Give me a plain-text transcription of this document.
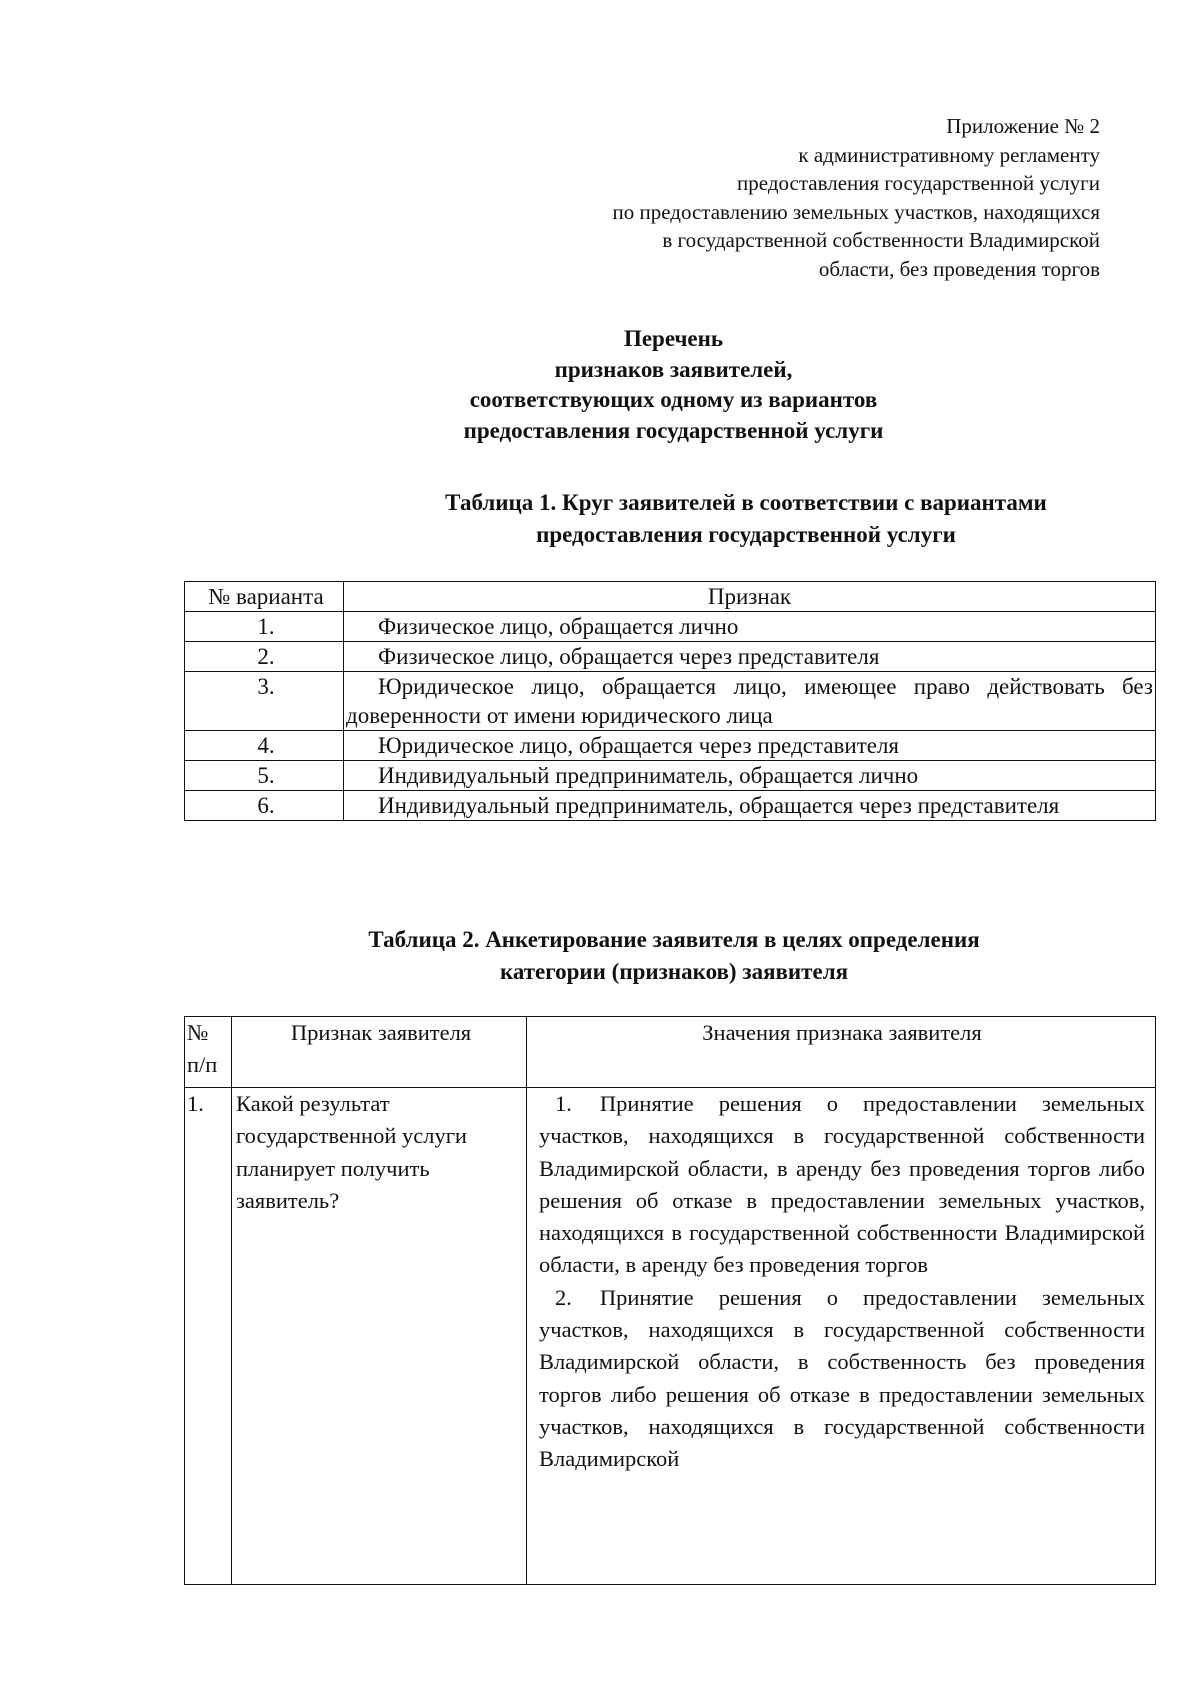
Приложение № 2
к административному регламенту
предоставления государственной услуги
по предоставлению земельных участков, находящихся
в государственной собственности Владимирской
области, без проведения торгов
Перечень
признаков заявителей,
соответствующих одному из вариантов
предоставления государственной услуги
Таблица 1. Круг заявителей в соответствии с вариантами
предоставления государственной услуги
№ варианта	Признак
1.	Физическое лицо, обращается лично
2.	Физическое лицо, обращается через представителя
3.	Юридическое лицо, обращается лицо, имеющее право действовать без доверенности от имени юридического лица
4.	Юридическое лицо, обращается через представителя
5.	Индивидуальный предприниматель, обращается лично
6.	Индивидуальный предприниматель, обращается через представителя
Таблица 2. Анкетирование заявителя в целях определения
категории (признаков) заявителя
№ п/п	Признак заявителя	Значения признака заявителя
1.	Какой результат государственной услуги планирует получить заявитель?	1. Принятие решения о предоставлении земельных участков, находящихся в государственной собственности Владимирской области, в аренду без проведения торгов либо решения об отказе в предоставлении земельных участков, находящихся в государственной собственности Владимирской области, в аренду без проведения торгов
2. Принятие решения о предоставлении земельных участков, находящихся в государственной собственности Владимирской области, в собственность без проведения торгов либо решения об отказе в предоставлении земельных участков, находящихся в государственной собственности Владимирской
